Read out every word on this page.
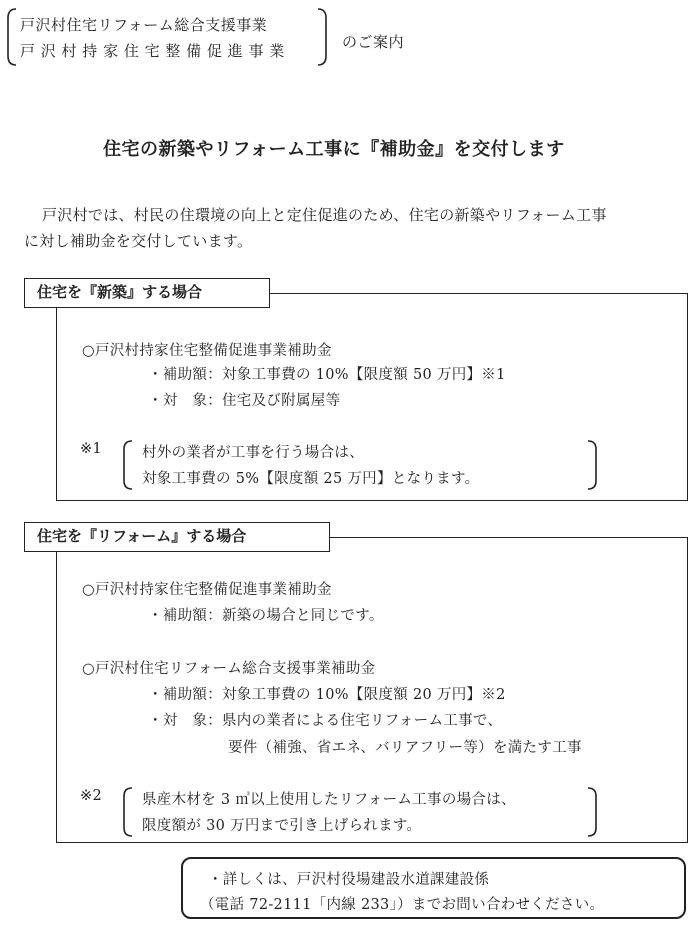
戸沢村住宅リフォーム総合支援事業
戸 沢 村 持 家 住 宅 整 備 促 進 事 業	のご案内
住宅の新築やリフォーム工事に『補助金』を交付します
戸沢村では、村民の住環境の向上と定住促進のため、住宅の新築やリフォーム工事
に対し補助金を交付しています。
住宅を『新築』する場合
○戸沢村持家住宅整備促進事業補助金
・補助額：対象工事費の 10%【限度額 50 万円】※1
・対　象：住宅及び附属屋等
※1	村外の業者が工事を行う場合は、
対象工事費の 5%【限度額 25 万円】となります。
住宅を『リフォーム』する場合
○戸沢村持家住宅整備促進事業補助金
・補助額：新築の場合と同じです。
○戸沢村住宅リフォーム総合支援事業補助金
・補助額：対象工事費の 10%【限度額 20 万円】※2
・対　象：県内の業者による住宅リフォーム工事で、
要件（補強、省エネ、バリアフリー等）を満たす工事
※2	県産木材を 3 ㎥以上使用したリフォーム工事の場合は、
限度額が 30 万円まで引き上げられます。
・詳しくは、戸沢村役場建設水道課建設係
（電話 72-2111「内線 233」）までお問い合わせください。
